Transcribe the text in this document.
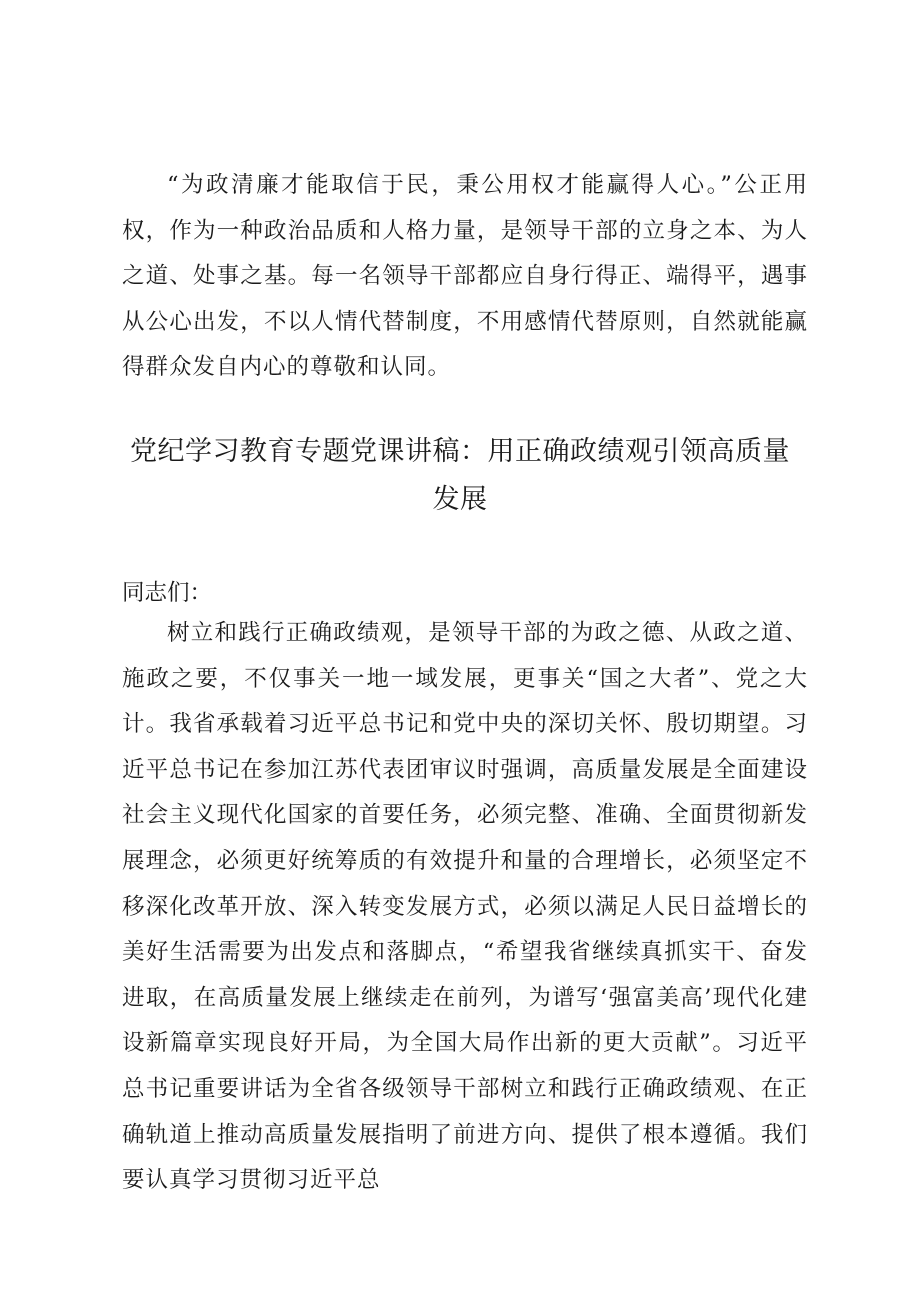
“为政清廉才能取信于民，秉公用权才能赢得人心。”公正用权，作为一种政治品质和人格力量，是领导干部的立身之本、为人之道、处事之基。每一名领导干部都应自身行得正、端得平，遇事从公心出发，不以人情代替制度，不用感情代替原则，自然就能赢得群众发自内心的尊敬和认同。

党纪学习教育专题党课讲稿：用正确政绩观引领高质量
发展

同志们：

树立和践行正确政绩观，是领导干部的为政之德、从政之道、施政之要，不仅事关一地一域发展，更事关“国之大者”、党之大计。我省承载着习近平总书记和党中央的深切关怀、殷切期望。习近平总书记在参加江苏代表团审议时强调，高质量发展是全面建设社会主义现代化国家的首要任务，必须完整、准确、全面贯彻新发展理念，必须更好统筹质的有效提升和量的合理增长，必须坚定不移深化改革开放、深入转变发展方式，必须以满足人民日益增长的美好生活需要为出发点和落脚点，“希望我省继续真抓实干、奋发进取，在高质量发展上继续走在前列，为谱写‘强富美高’现代化建设新篇章实现良好开局，为全国大局作出新的更大贡献”。习近平总书记重要讲话为全省各级领导干部树立和践行正确政绩观、在正确轨道上推动高质量发展指明了前进方向、提供了根本遵循。我们要认真学习贯彻习近平总
